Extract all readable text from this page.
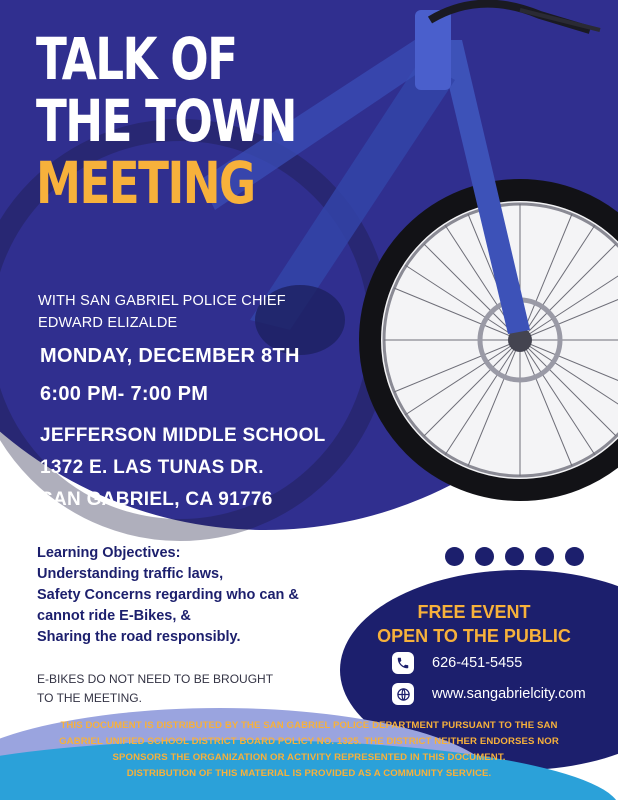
TALK OF
THE TOWN
MEETING
WITH SAN GABRIEL POLICE CHIEF
EDWARD ELIZALDE
MONDAY, DECEMBER 8TH
6:00 PM- 7:00 PM
JEFFERSON MIDDLE SCHOOL
1372 E. LAS TUNAS DR.
SAN GABRIEL, CA 91776
Learning Objectives:
Understanding traffic laws,
Safety Concerns regarding who can &
cannot ride E-Bikes, &
Sharing the road responsibly.
E-BIKES DO NOT NEED TO BE BROUGHT
TO THE MEETING.
FREE EVENT
OPEN TO THE PUBLIC
626-451-5455
www.sangabrielcity.com
THIS DOCUMENT IS DISTRIBUTED BY THE SAN GABRIEL POLICE DEPARTMENT PURSUANT TO THE SAN
GABRIEL UNIFIED SCHOOL DISTRICT BOARD POLICY NO. 1325. THE DISTRICT NEITHER ENDORSES NOR
SPONSORS THE ORGANIZATION OR ACTIVITY REPRESENTED IN THIS DOCUMENT.
DISTRIBUTION OF THIS MATERIAL IS PROVIDED AS A COMMUNITY SERVICE.
